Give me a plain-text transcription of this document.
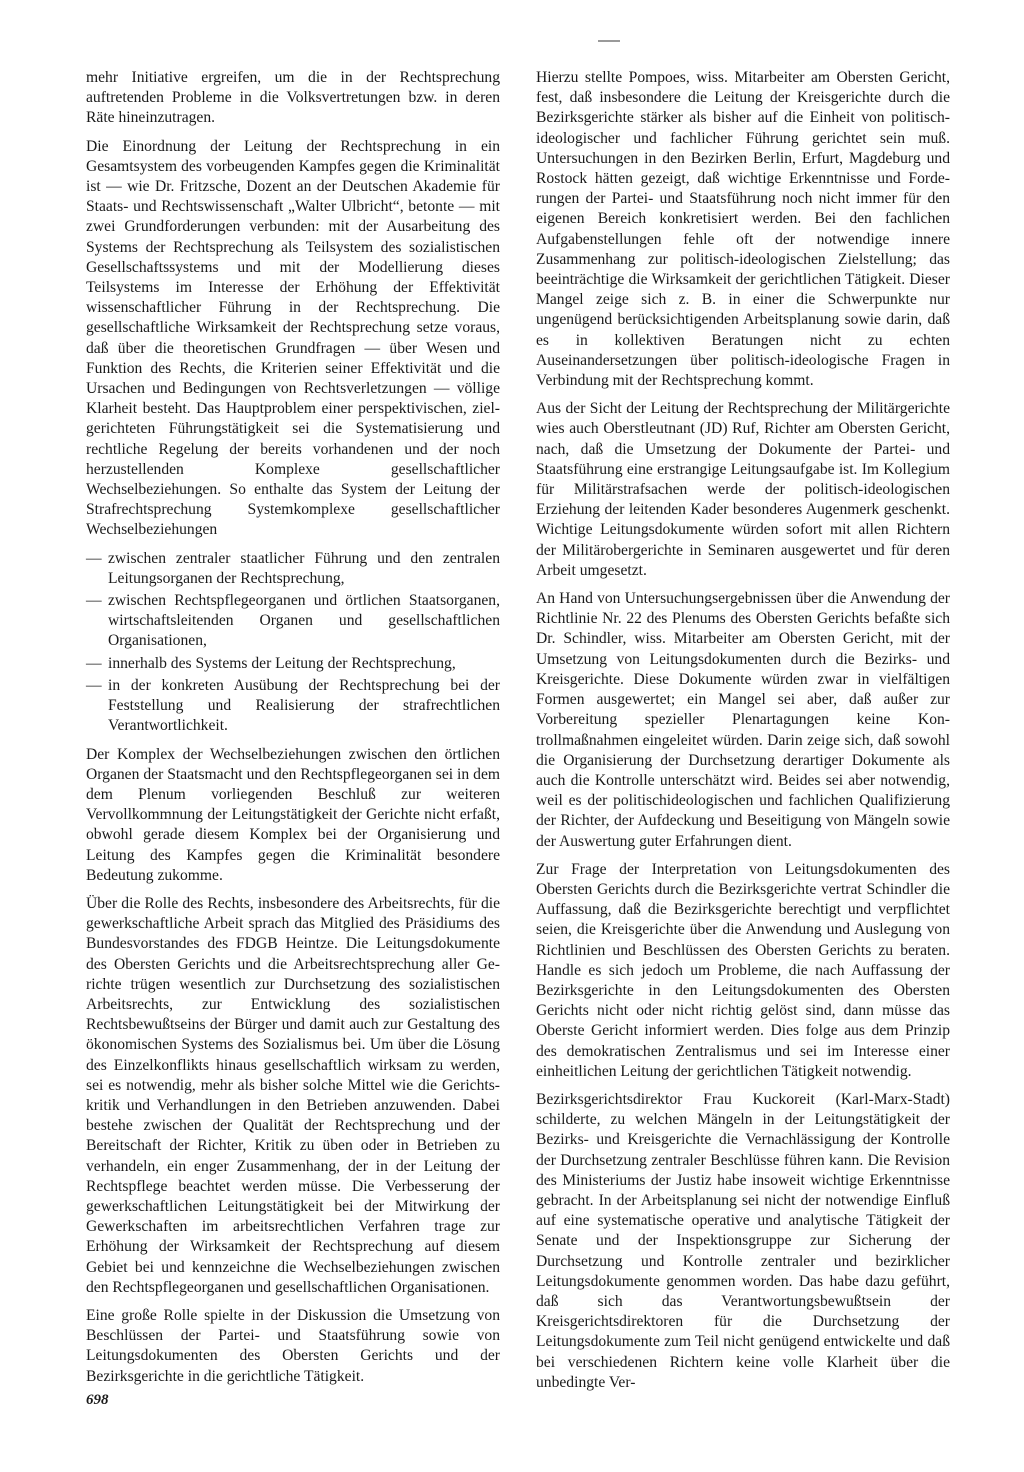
mehr Initiative ergreifen, um die in der Rechtsprechung auftretenden Probleme in die Volksvertretungen bzw. in deren Räte hineinzutragen.

Die Einordnung der Leitung der Rechtsprechung in ein Gesamtsystem des vorbeugenden Kampfes gegen die Kriminalität ist — wie Dr. Fritzsche, Dozent an der Deutschen Akademie für Staats- und Rechtswissenschaft „Walter Ulbricht“, betonte — mit zwei Grundforderungen verbunden: mit der Ausarbeitung des Systems der Rechtsprechung als Teilsystem des sozialistischen Gesellschaftssystems und mit der Modellierung dieses Teilsystems im Interesse der Erhöhung der Effektivität wissenschaftlicher Führung in der Rechtsprechung. Die gesellschaftliche Wirksamkeit der Rechtsprechung setze voraus, daß über die theoretischen Grundfragen — über Wesen und Funktion des Rechts, die Kriterien seiner Effektivität und die Ursachen und Bedingungen von Rechtsverletzungen — völlige Klarheit besteht. Das Hauptproblem einer perspektivischen, zielgerichteten Führungstätigkeit sei die Systematisierung und rechtliche Regelung der bereits vorhandenen und der noch herzustellenden Komplexe gesellschaftlicher Wechselbeziehungen. So enthalte das System der Leitung der Strafrechtsprechung Systemkomplexe gesellschaftlicher Wechselbeziehungen

— zwischen zentraler staatlicher Führung und den zentralen Leitungsorganen der Rechtsprechung,
— zwischen Rechtspflegeorganen und örtlichen Staatsorganen, wirtschaftsleitenden Organen und gesellschaftlichen Organisationen,
— innerhalb des Systems der Leitung der Rechtsprechung,
— in der konkreten Ausübung der Rechtsprechung bei der Feststellung und Realisierung der strafrechtlichen Verantwortlichkeit.

Der Komplex der Wechselbeziehungen zwischen den örtlichen Organen der Staatsmacht und den Rechtspflegeorganen sei in dem dem Plenum vorliegenden Beschluß zur weiteren Vervollkommnung der Leitungstätigkeit der Gerichte nicht erfaßt, obwohl gerade diesem Komplex bei der Organisierung und Leitung des Kampfes gegen die Kriminalität besondere Bedeutung zukomme.

Über die Rolle des Rechts, insbesondere des Arbeitsrechts, für die gewerkschaftliche Arbeit sprach das Mitglied des Präsidiums des Bundesvorstandes des FDGB Heintze. Die Leitungsdokumente des Obersten Gerichts und die Arbeitsrechtsprechung aller Gerichte trügen wesentlich zur Durchsetzung des sozialistischen Arbeitsrechts, zur Entwicklung des sozialistischen Rechtsbewußtseins der Bürger und damit auch zur Gestaltung des ökonomischen Systems des Sozialismus bei. Um über die Lösung des Einzelkonflikts hinaus gesellschaftlich wirksam zu werden, sei es notwendig, mehr als bisher solche Mittel wie die Gerichtskritik und Verhandlungen in den Betrieben anzuwenden. Dabei bestehe zwischen der Qualität der Rechtsprechung und der Bereitschaft der Richter, Kritik zu üben oder in Betrieben zu verhandeln, ein enger Zusammenhang, der in der Leitung der Rechtspflege beachtet werden müsse. Die Verbesserung der gewerkschaftlichen Leitungstätigkeit bei der Mitwirkung der Gewerkschaften im arbeitsrechtlichen Verfahren trage zur Erhöhung der Wirksamkeit der Rechtsprechung auf diesem Gebiet bei und kennzeichne die Wechselbeziehungen zwischen den Rechtspflegeorganen und gesellschaftlichen Organisationen.

Eine große Rolle spielte in der Diskussion die Umsetzung von Beschlüssen der Partei- und Staatsführung sowie von Leitungsdokumenten des Obersten Gerichts und der Bezirksgerichte in die gerichtliche Tätigkeit.

Hierzu stellte Pompoes, wiss. Mitarbeiter am Obersten Gericht, fest, daß insbesondere die Leitung der Kreisgerichte durch die Bezirksgerichte stärker als bisher auf die Einheit von politisch-ideologischer und fachlicher Führung gerichtet sein muß. Untersuchungen in den Bezirken Berlin, Erfurt, Magdeburg und Rostock hätten gezeigt, daß wichtige Erkenntnisse und Forderungen der Partei- und Staatsführung noch nicht immer für den eigenen Bereich konkretisiert werden. Bei den fachlichen Aufgabenstellungen fehle oft der notwendige innere Zusammenhang zur politisch-ideologischen Zielstellung; das beeinträchtige die Wirksamkeit der gerichtlichen Tätigkeit. Dieser Mangel zeige sich z. B. in einer die Schwerpunkte nur ungenügend berücksichtigenden Arbeitsplanung sowie darin, daß es in kollektiven Beratungen nicht zu echten Auseinandersetzungen über politisch-ideologische Fragen in Verbindung mit der Rechtsprechung kommt.

Aus der Sicht der Leitung der Rechtsprechung der Militärgerichte wies auch Oberstleutnant (JD) Ruf, Richter am Obersten Gericht, nach, daß die Umsetzung der Dokumente der Partei- und Staatsführung eine erstrangige Leitungsaufgabe ist. Im Kollegium für Militärstrafsachen werde der politisch-ideologischen Erziehung der leitenden Kader besonderes Augenmerk geschenkt. Wichtige Leitungsdokumente würden sofort mit allen Richtern der Militärobergerichte in Seminaren ausgewertet und für deren Arbeit umgesetzt.

An Hand von Untersuchungsergebnissen über die Anwendung der Richtlinie Nr. 22 des Plenums des Obersten Gerichts befaßte sich Dr. Schindler, wiss. Mitarbeiter am Obersten Gericht, mit der Umsetzung von Leitungsdokumenten durch die Bezirks- und Kreisgerichte. Diese Dokumente würden zwar in vielfältigen Formen ausgewertet; ein Mangel sei aber, daß außer zur Vorbereitung spezieller Plenartagungen keine Kontrollmaßnahmen eingeleitet würden. Darin zeige sich, daß sowohl die Organisierung der Durchsetzung derartiger Dokumente als auch die Kontrolle unterschätzt wird. Beides sei aber notwendig, weil es der politischideologischen und fachlichen Qualifizierung der Richter, der Aufdeckung und Beseitigung von Mängeln sowie der Auswertung guter Erfahrungen dient.

Zur Frage der Interpretation von Leitungsdokumenten des Obersten Gerichts durch die Bezirksgerichte vertrat Schindler die Auffassung, daß die Bezirksgerichte berechtigt und verpflichtet seien, die Kreisgerichte über die Anwendung und Auslegung von Richtlinien und Beschlüssen des Obersten Gerichts zu beraten. Handle es sich jedoch um Probleme, die nach Auffassung der Bezirksgerichte in den Leitungsdokumenten des Obersten Gerichts nicht oder nicht richtig gelöst sind, dann müsse das Oberste Gericht informiert werden. Dies folge aus dem Prinzip des demokratischen Zentralismus und sei im Interesse einer einheitlichen Leitung der gerichtlichen Tätigkeit notwendig.

Bezirksgerichtsdirektor Frau Kuckoreit (Karl-Marx-Stadt) schilderte, zu welchen Mängeln in der Leitungstätigkeit der Bezirks- und Kreisgerichte die Vernachlässigung der Kontrolle der Durchsetzung zentraler Beschlüsse führen kann. Die Revision des Ministeriums der Justiz habe insoweit wichtige Erkenntnisse gebracht. In der Arbeitsplanung sei nicht der notwendige Einfluß auf eine systematische operative und analytische Tätigkeit der Senate und der Inspektionsgruppe zur Sicherung der Durchsetzung und Kontrolle zentraler und bezirklicher Leitungsdokumente genommen worden. Das habe dazu geführt, daß sich das Verantwortungsbewußtsein der Kreisgerichtsdirektoren für die Durchsetzung der Leitungsdokumente zum Teil nicht genügend entwickelte und daß bei verschiedenen Richtern keine volle Klarheit über die unbedingte Ver-

698
